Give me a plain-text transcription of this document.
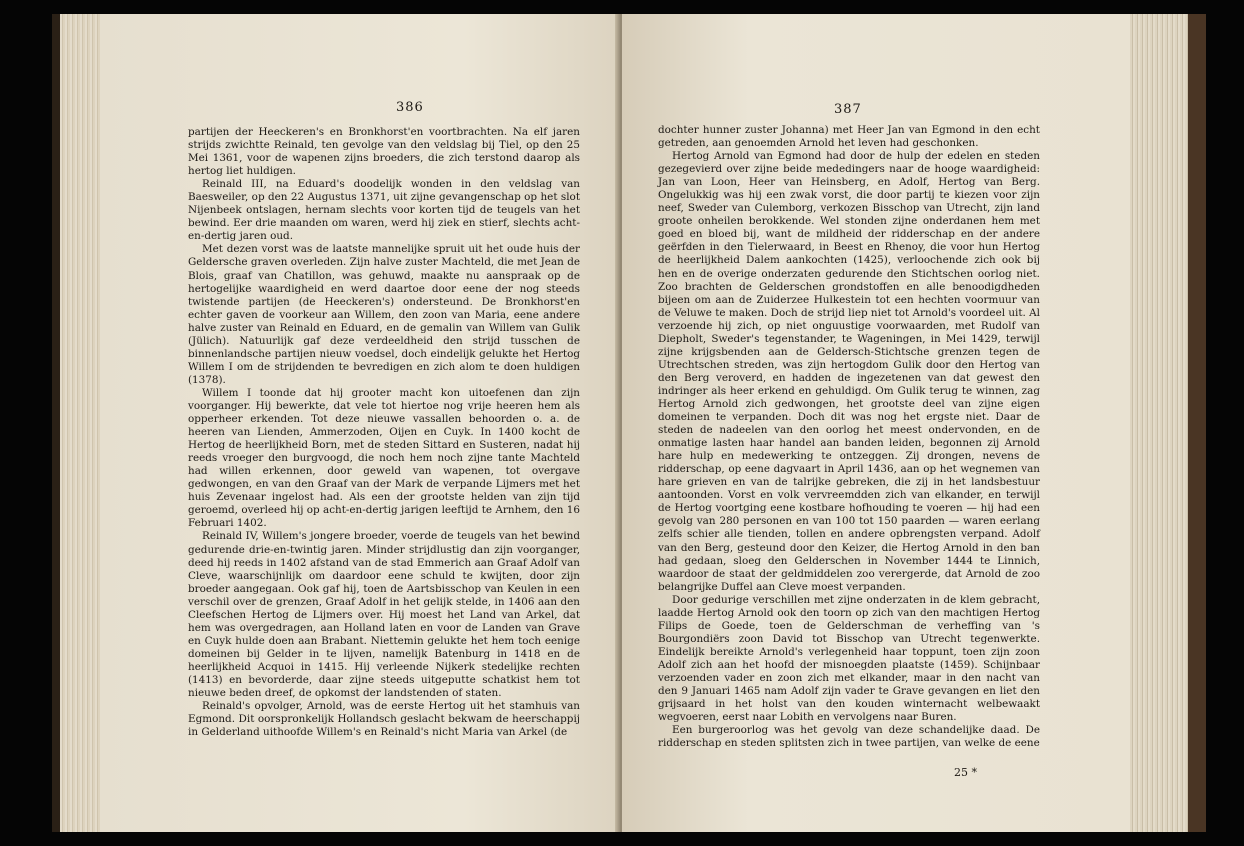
386

partijen der Heeckeren's en Bronkhorst'en voortbrachten. Na elf jaren strijds zwichtte Reinald, ten gevolge van den veldslag bij Tiel, op den 25 Mei 1361, voor de wapenen zijns broeders, die zich terstond daarop als hertog liet huldigen.

Reinald III, na Eduard's doodelijk wonden in den veldslag van Baesweiler, op den 22 Augustus 1371, uit zijne gevangenschap op het slot Nijenbeek ontslagen, hernam slechts voor korten tijd de teugels van het bewind. Eer drie maanden om waren, werd hij ziek en stierf, slechts acht-en-dertig jaren oud.

Met dezen vorst was de laatste mannelijke spruit uit het oude huis der Geldersche graven overleden. Zijn halve zuster Machteld, die met Jean de Blois, graaf van Chatillon, was gehuwd, maakte nu aanspraak op de hertogelijke waardigheid en werd daartoe door eene der nog steeds twistende partijen (de Heeckeren's) ondersteund. De Bronkhorst'en echter gaven de voorkeur aan Willem, den zoon van Maria, eene andere halve zuster van Reinald en Eduard, en de gemalin van Willem van Gulik (Jülich). Natuurlijk gaf deze verdeeldheid den strijd tusschen de binnenlandsche partijen nieuw voedsel, doch eindelijk gelukte het Hertog Willem I om de strijdenden te bevredigen en zich alom te doen huldigen (1378).

Willem I toonde dat hij grooter macht kon uitoefenen dan zijn voorganger. Hij bewerkte, dat vele tot hiertoe nog vrije heeren hem als opperheer erkenden. Tot deze nieuwe vassallen behoorden o. a. de heeren van Lienden, Ammerzoden, Oijen en Cuyk. In 1400 kocht de Hertog de heerlijkheid Born, met de steden Sittard en Susteren, nadat hij reeds vroeger den burgvoogd, die noch hem noch zijne tante Machteld had willen erkennen, door geweld van wapenen, tot overgave gedwongen, en van den Graaf van der Mark de verpande Lijmers met het huis Zevenaar ingelost had. Als een der grootste helden van zijn tijd geroemd, overleed hij op acht-en-dertig jarigen leeftijd te Arnhem, den 16 Februari 1402.

Reinald IV, Willem's jongere broeder, voerde de teugels van het bewind gedurende drie-en-twintig jaren. Minder strijdlustig dan zijn voorganger, deed hij reeds in 1402 afstand van de stad Emmerich aan Graaf Adolf van Cleve, waarschijnlijk om daardoor eene schuld te kwijten, door zijn broeder aangegaan. Ook gaf hij, toen de Aartsbisschop van Keulen in een verschil over de grenzen, Graaf Adolf in het gelijk stelde, in 1406 aan den Cleefschen Hertog de Lijmers over. Hij moest het Land van Arkel, dat hem was overgedragen, aan Holland laten en voor de Landen van Grave en Cuyk hulde doen aan Brabant. Niettemin gelukte het hem toch eenige domeinen bij Gelder in te lijven, namelijk Batenburg in 1418 en de heerlijkheid Acquoi in 1415. Hij verleende Nijkerk stedelijke rechten (1413) en bevorderde, daar zijne steeds uitgeputte schatkist hem tot nieuwe beden dreef, de opkomst der landstenden of staten.

Reinald's opvolger, Arnold, was de eerste Hertog uit het stamhuis van Egmond. Dit oorspronkelijk Hollandsch geslacht bekwam de heerschappij in Gelderland uithoofde Willem's en Reinald's nicht Maria van Arkel (de

387

dochter hunner zuster Johanna) met Heer Jan van Egmond in den echt getreden, aan genoemden Arnold het leven had geschonken.

Hertog Arnold van Egmond had door de hulp der edelen en steden gezegevierd over zijne beide mededingers naar de hooge waardigheid: Jan van Loon, Heer van Heinsberg, en Adolf, Hertog van Berg. Ongelukkig was hij een zwak vorst, die door partij te kiezen voor zijn neef, Sweder van Culemborg, verkozen Bisschop van Utrecht, zijn land groote onheilen berokkende. Wel stonden zijne onderdanen hem met goed en bloed bij, want de mildheid der ridderschap en der andere geërfden in den Tielerwaard, in Beest en Rhenoy, die voor hun Hertog de heerlijkheid Dalem aankochten (1425), verloochende zich ook bij hen en de overige onderzaten gedurende den Stichtschen oorlog niet. Zoo brachten de Gelderschen grondstoffen en alle benoodigdheden bijeen om aan de Zuiderzee Hulkestein tot een hechten voormuur van de Veluwe te maken. Doch de strijd liep niet tot Arnold's voordeel uit. Al verzoende hij zich, op niet onguustige voorwaarden, met Rudolf van Diepholt, Sweder's tegenstander, te Wageningen, in Mei 1429, terwijl zijne krijgsbenden aan de Geldersch-Stichtsche grenzen tegen de Utrechtschen streden, was zijn hertogdom Gulik door den Hertog van den Berg veroverd, en hadden de ingezetenen van dat gewest den indringer als heer erkend en gehuldigd. Om Gulik terug te winnen, zag Hertog Arnold zich gedwongen, het grootste deel van zijne eigen domeinen te verpanden. Doch dit was nog het ergste niet. Daar de steden de nadeelen van den oorlog het meest ondervonden, en de onmatige lasten haar handel aan banden leiden, begonnen zij Arnold hare hulp en medewerking te ontzeggen. Zij drongen, nevens de ridderschap, op eene dagvaart in April 1436, aan op het wegnemen van hare grieven en van de talrijke gebreken, die zij in het landsbestuur aantoonden. Vorst en volk vervreemdden zich van elkander, en terwijl de Hertog voortging eene kostbare hofhouding te voeren — hij had een gevolg van 280 personen en van 100 tot 150 paarden — waren eerlang zelfs schier alle tienden, tollen en andere opbrengsten verpand. Adolf van den Berg, gesteund door den Keizer, die Hertog Arnold in den ban had gedaan, sloeg den Gelderschen in November 1444 te Linnich, waardoor de staat der geldmiddelen zoo verergerde, dat Arnold de zoo belangrijke Duffel aan Cleve moest verpanden.

Door gedurige verschillen met zijne onderzaten in de klem gebracht, laadde Hertog Arnold ook den toorn op zich van den machtigen Hertog Filips de Goede, toen de Gelderschman de verheffing van 's Bourgondiërs zoon David tot Bisschop van Utrecht tegenwerkte. Eindelijk bereikte Arnold's verlegenheid haar toppunt, toen zijn zoon Adolf zich aan het hoofd der misnoegden plaatste (1459). Schijnbaar verzoenden vader en zoon zich met elkander, maar in den nacht van den 9 Januari 1465 nam Adolf zijn vader te Grave gevangen en liet den grijsaard in het holst van den kouden winternacht welbewaakt wegvoeren, eerst naar Lobith en vervolgens naar Buren.

Een burgeroorlog was het gevolg van deze schandelijke daad. De ridderschap en steden splitsten zich in twee partijen, van welke de eene

25 *
